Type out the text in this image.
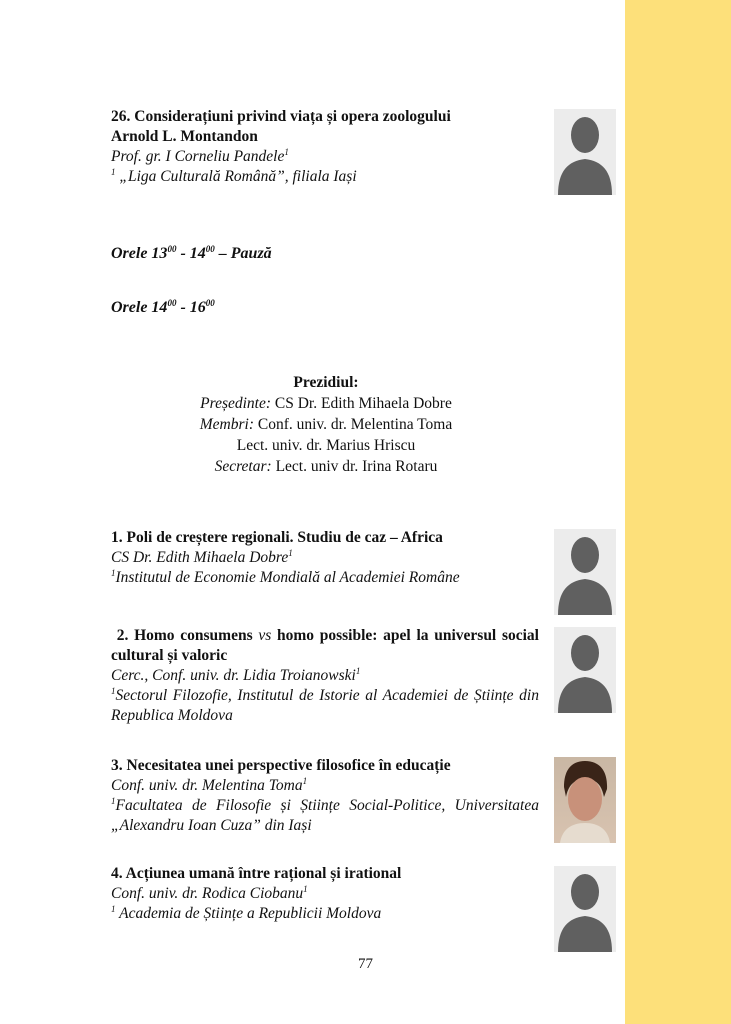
26. Considerațiuni privind viața și opera zoologului
Arnold L. Montandon
Prof. gr. I Corneliu Pandele$^1$
$^1$ „Liga Culturală Română”, filiala Iași
Orele $13^{00} - 14^{00}$ – Pauză
Orele $14^{00} - 16^{00}$
Prezidiul:
Președinte: CS Dr. Edith Mihaela Dobre
Membri: Conf. univ. dr. Melentina Toma
Lect. univ. dr. Marius Hriscu
Secretar: Lect. univ dr. Irina Rotaru
1. Poli de creștere regionali. Studiu de caz – Africa
CS Dr. Edith Mihaela Dobre$^1$
$^1$Institutul de Economie Mondială al Academiei Române
2. Homo consumens vs homo possible: apel la universul social cultural și valoric
Cerc., Conf. univ. dr. Lidia Troianowski$^1$
$^1$Sectorul Filozofie, Institutul de Istorie al Academiei de Științe din Republica Moldova
3. Necesitatea unei perspective filosofice în educație
Conf. univ. dr. Melentina Toma$^1$
$^1$Facultatea de Filosofie și Științe Social-Politice, Universitatea „Alexandru Ioan Cuza” din Iași
4. Acțiunea umană între rațional și irational
Conf. univ. dr. Rodica Ciobanu$^1$
$^1$ Academia de Științe a Republicii Moldova
77
